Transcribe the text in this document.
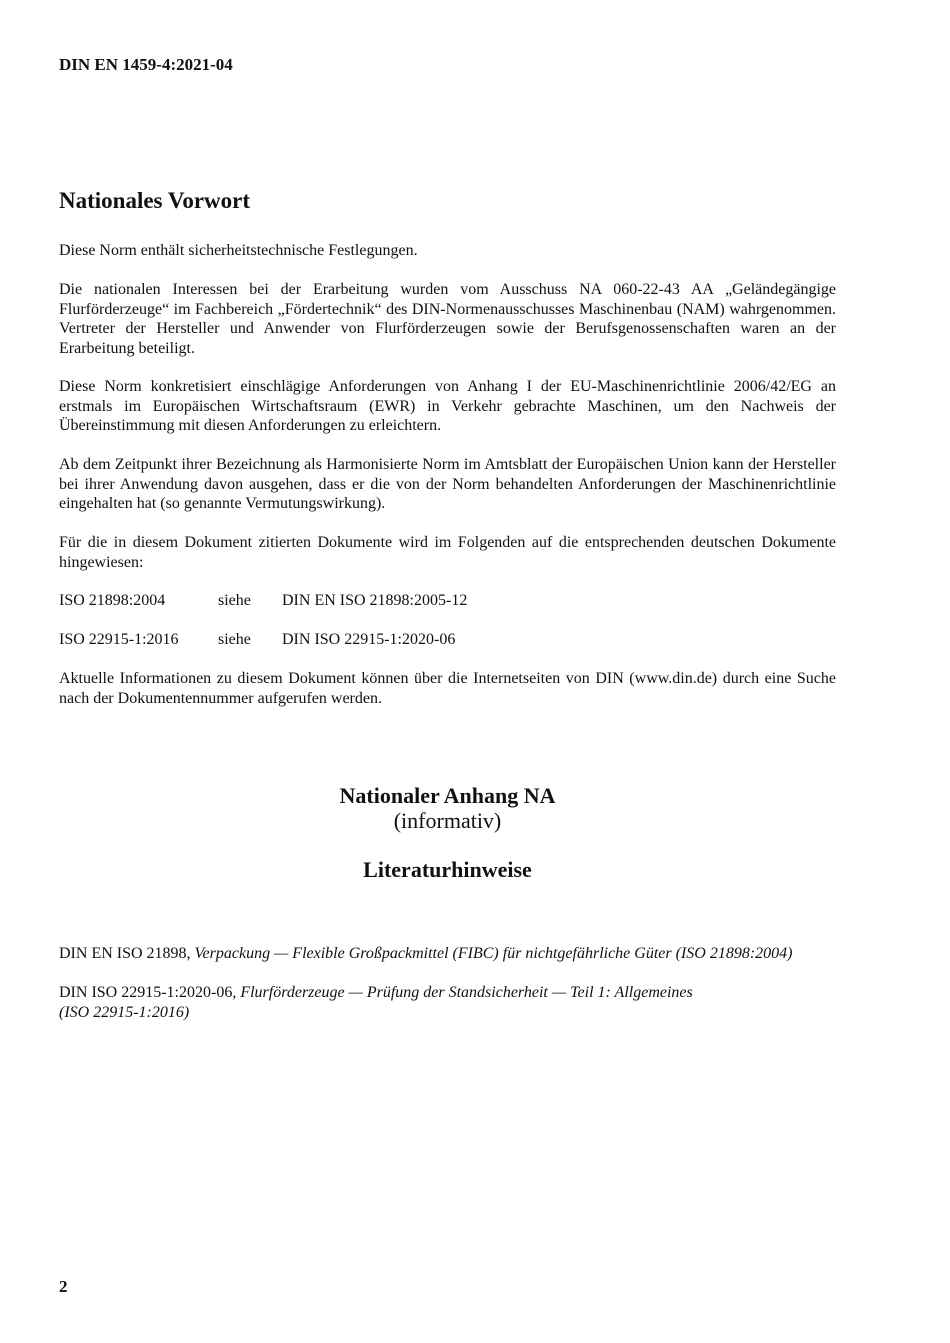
DIN EN 1459-4:2021-04
Nationales Vorwort
Diese Norm enthält sicherheitstechnische Festlegungen.
Die nationalen Interessen bei der Erarbeitung wurden vom Ausschuss NA 060-22-43 AA „Geländegängige Flurförderzeuge“ im Fachbereich „Fördertechnik“ des DIN-Normenausschusses Maschinenbau (NAM) wahrgenommen. Vertreter der Hersteller und Anwender von Flurförderzeugen sowie der Berufsgenossenschaften waren an der Erarbeitung beteiligt.
Diese Norm konkretisiert einschlägige Anforderungen von Anhang I der EU-Maschinenrichtlinie 2006/42/EG an erstmals im Europäischen Wirtschaftsraum (EWR) in Verkehr gebrachte Maschinen, um den Nachweis der Übereinstimmung mit diesen Anforderungen zu erleichtern.
Ab dem Zeitpunkt ihrer Bezeichnung als Harmonisierte Norm im Amtsblatt der Europäischen Union kann der Hersteller bei ihrer Anwendung davon ausgehen, dass er die von der Norm behandelten Anforderungen der Maschinenrichtlinie eingehalten hat (so genannte Vermutungswirkung).
Für die in diesem Dokument zitierten Dokumente wird im Folgenden auf die entsprechenden deutschen Dokumente hingewiesen:
ISO 21898:2004	siehe DIN EN ISO 21898:2005-12
ISO 22915-1:2016 siehe DIN ISO 22915-1:2020-06
Aktuelle Informationen zu diesem Dokument können über die Internetseiten von DIN (www.din.de) durch eine Suche nach der Dokumentennummer aufgerufen werden.
Nationaler Anhang NA
(informativ)
Literaturhinweise
DIN EN ISO 21898, Verpackung — Flexible Großpackmittel (FIBC) für nichtgefährliche Güter (ISO 21898:2004)
DIN ISO 22915-1:2020-06, Flurförderzeuge — Prüfung der Standsicherheit — Teil 1: Allgemeines
(ISO 22915-1:2016)
2
